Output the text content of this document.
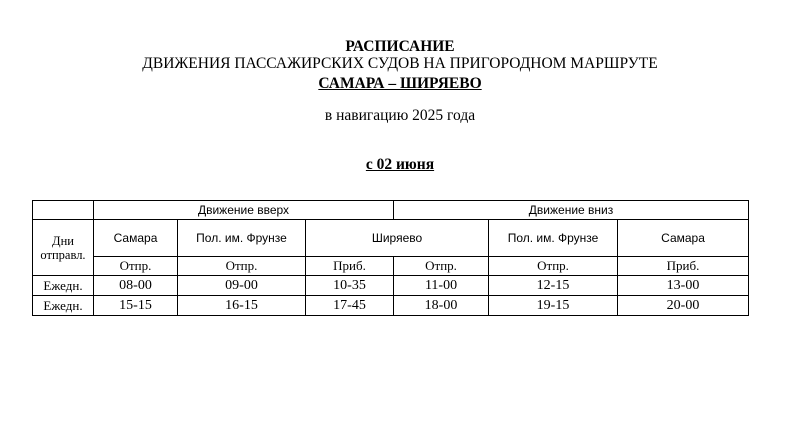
РАСПИСАНИЕ
ДВИЖЕНИЯ ПАССАЖИРСКИХ СУДОВ НА ПРИГОРОДНОМ МАРШРУТЕ
САМАРА – ШИРЯЕВО
в навигацию 2025 года
с 02 июня
	Движение вверх			Движение вниз		
Дни
отправл.	Самара	Пол. им. Фрунзе	Ширяево		Пол. им. Фрунзе	Самара
	Отпр.	Отпр.	Приб.	Отпр.	Отпр.	Приб.
Ежедн.	08-00	09-00	10-35	11-00	12-15	13-00
Ежедн.	15-15	16-15	17-45	18-00	19-15	20-00
